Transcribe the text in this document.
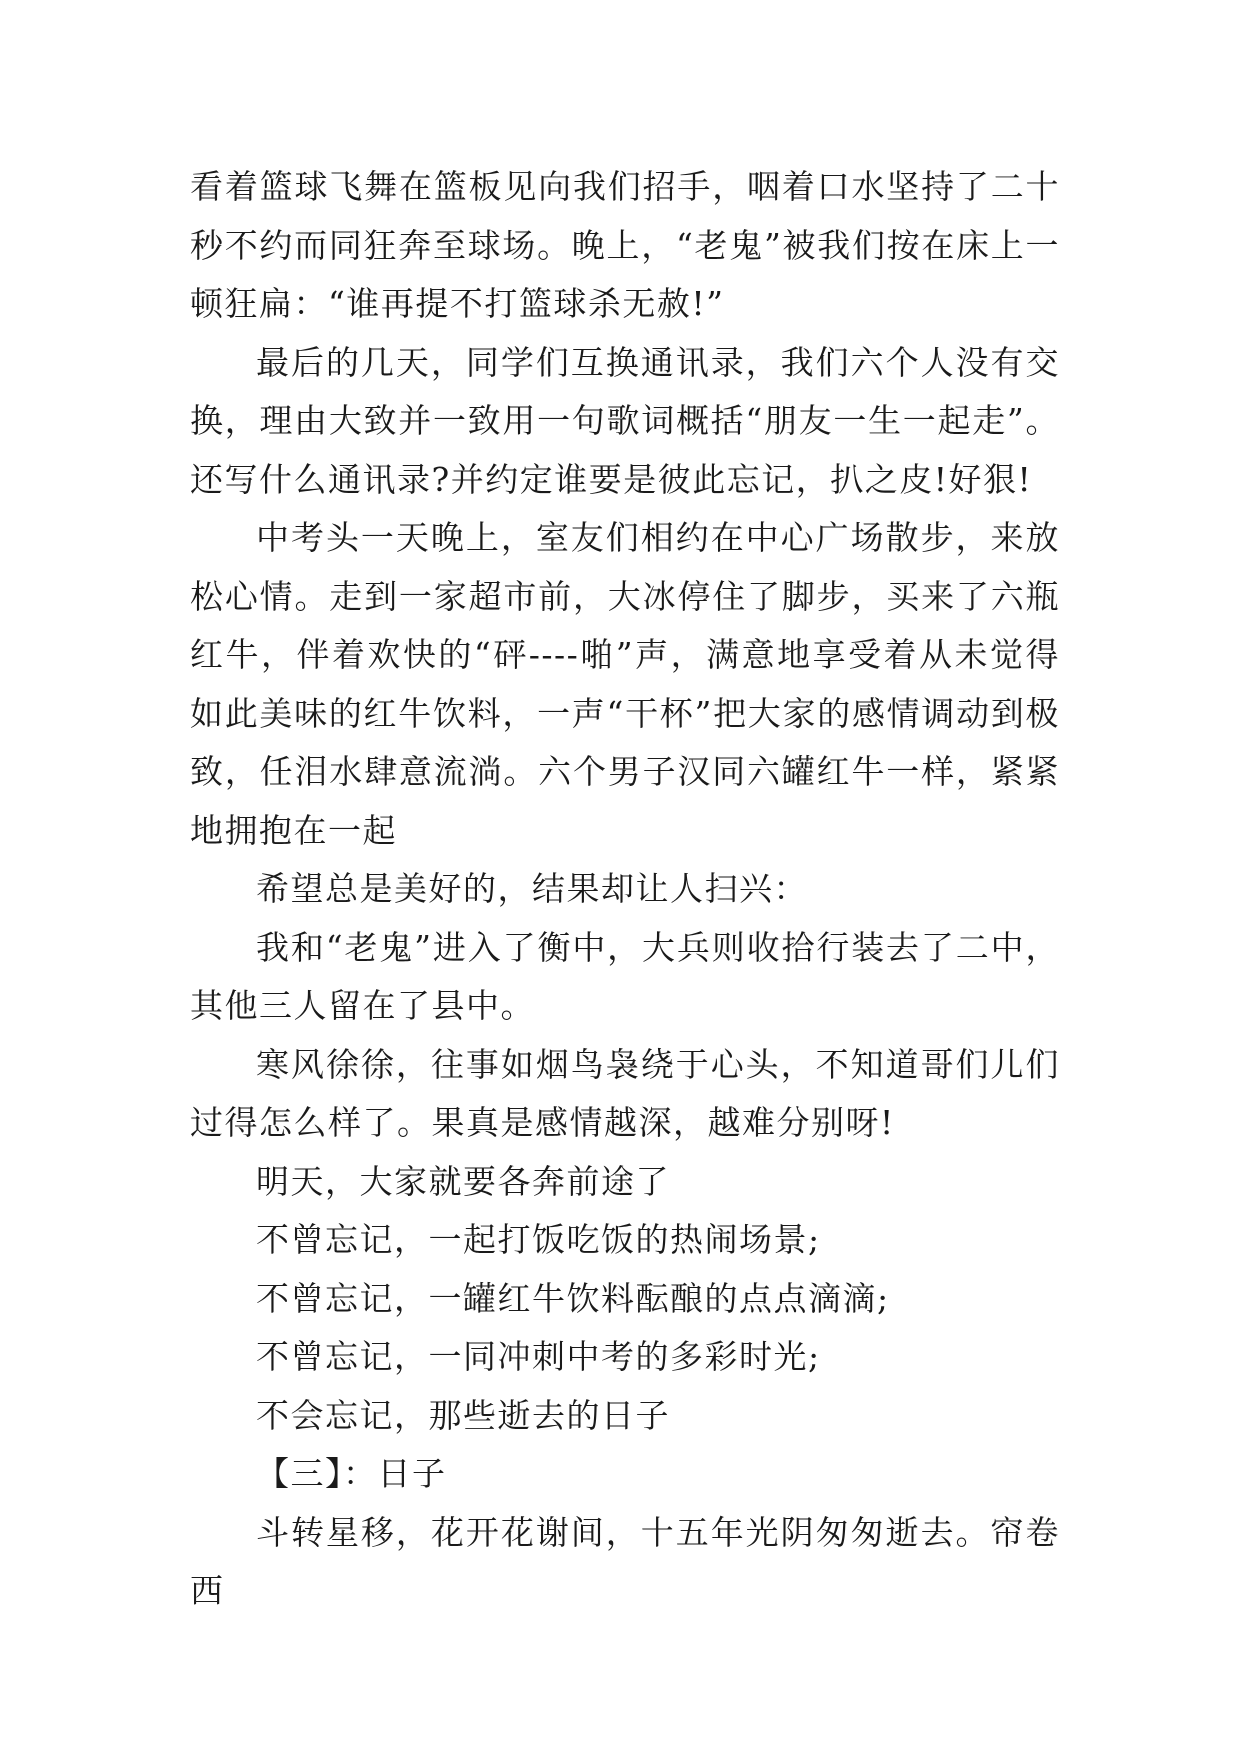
看着篮球飞舞在篮板见向我们招手，咽着口水坚持了二十秒不约而同狂奔至球场。晚上，“老鬼”被我们按在床上一顿狂扁：“谁再提不打篮球杀无赦!”

最后的几天，同学们互换通讯录，我们六个人没有交换，理由大致并一致用一句歌词概括“朋友一生一起走”。还写什么通讯录?并约定谁要是彼此忘记，扒之皮!好狠!

中考头一天晚上，室友们相约在中心广场散步，来放松心情。走到一家超市前，大冰停住了脚步，买来了六瓶红牛，伴着欢快的“砰----啪”声，满意地享受着从未觉得如此美味的红牛饮料，一声“干杯”把大家的感情调动到极致，任泪水肆意流淌。六个男子汉同六罐红牛一样，紧紧地拥抱在一起

希望总是美好的，结果却让人扫兴：

我和“老鬼”进入了衡中，大兵则收拾行装去了二中，其他三人留在了县中。

寒风徐徐，往事如烟鸟袅绕于心头，不知道哥们儿们过得怎么样了。果真是感情越深，越难分别呀!

明天，大家就要各奔前途了

不曾忘记，一起打饭吃饭的热闹场景;

不曾忘记，一罐红牛饮料酝酿的点点滴滴;

不曾忘记，一同冲刺中考的多彩时光;

不会忘记，那些逝去的日子

【三】：日子

斗转星移，花开花谢间，十五年光阴匆匆逝去。帘卷西
